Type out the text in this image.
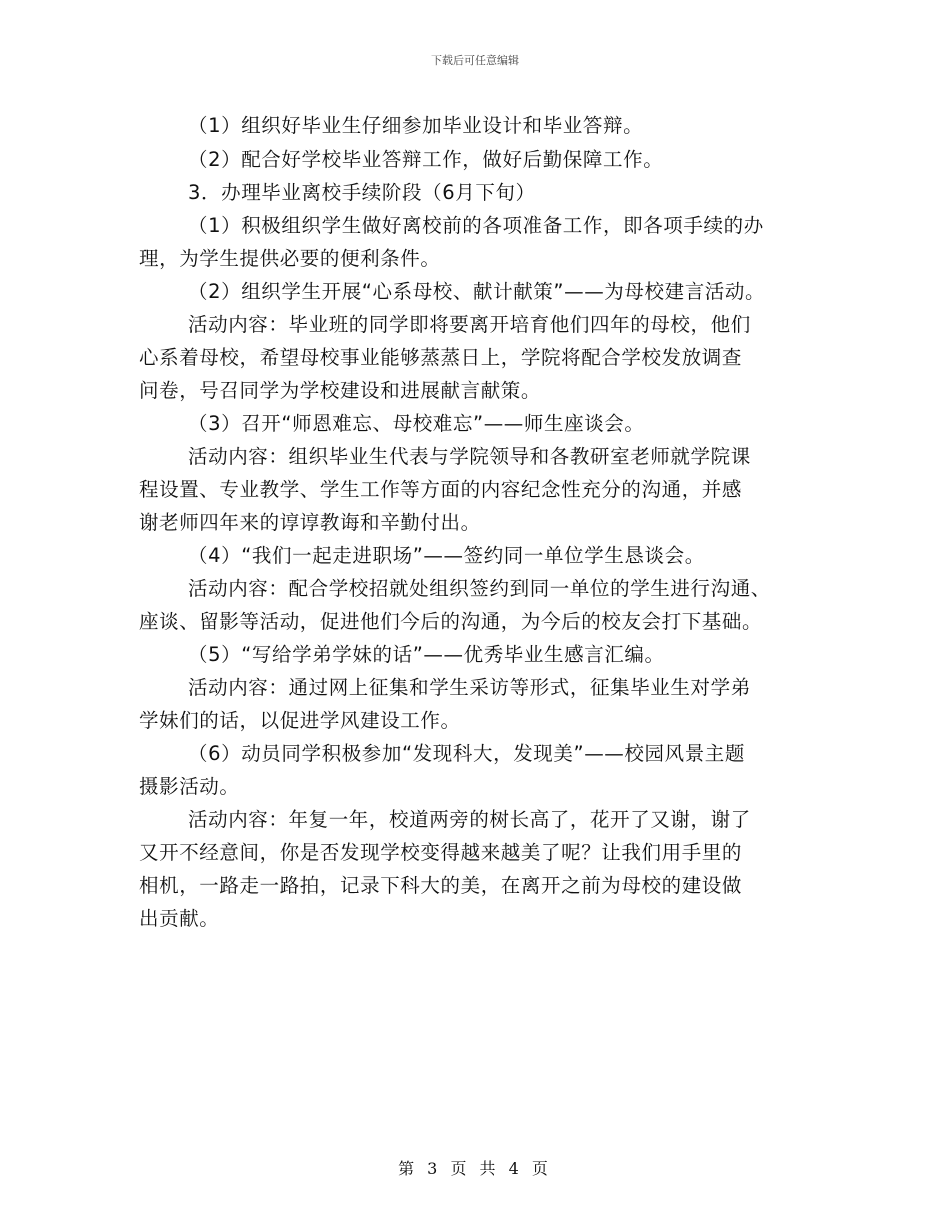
下载后可任意编辑
（1）组织好毕业生仔细参加毕业设计和毕业答辩。
（2）配合好学校毕业答辩工作，做好后勤保障工作。
3．办理毕业离校手续阶段（6月下旬）
（1）积极组织学生做好离校前的各项准备工作，即各项手续的办
理，为学生提供必要的便利条件。
（2）组织学生开展“心系母校、献计献策”——为母校建言活动。
活动内容：毕业班的同学即将要离开培育他们四年的母校，他们
心系着母校，希望母校事业能够蒸蒸日上，学院将配合学校发放调查
问卷，号召同学为学校建设和进展献言献策。
（3）召开“师恩难忘、母校难忘”——师生座谈会。
活动内容：组织毕业生代表与学院领导和各教研室老师就学院课
程设置、专业教学、学生工作等方面的内容纪念性充分的沟通，并感
谢老师四年来的谆谆教诲和辛勤付出。
（4）“我们一起走进职场”——签约同一单位学生恳谈会。
活动内容：配合学校招就处组织签约到同一单位的学生进行沟通、
座谈、留影等活动，促进他们今后的沟通，为今后的校友会打下基础。
（5）“写给学弟学妹的话”——优秀毕业生感言汇编。
活动内容：通过网上征集和学生采访等形式，征集毕业生对学弟
学妹们的话，以促进学风建设工作。
（6）动员同学积极参加“发现科大，发现美”——校园风景主题
摄影活动。
活动内容：年复一年，校道两旁的树长高了，花开了又谢，谢了
又开不经意间，你是否发现学校变得越来越美了呢？让我们用手里的
相机，一路走一路拍，记录下科大的美，在离开之前为母校的建设做
出贡献。
第 3 页 共 4 页
